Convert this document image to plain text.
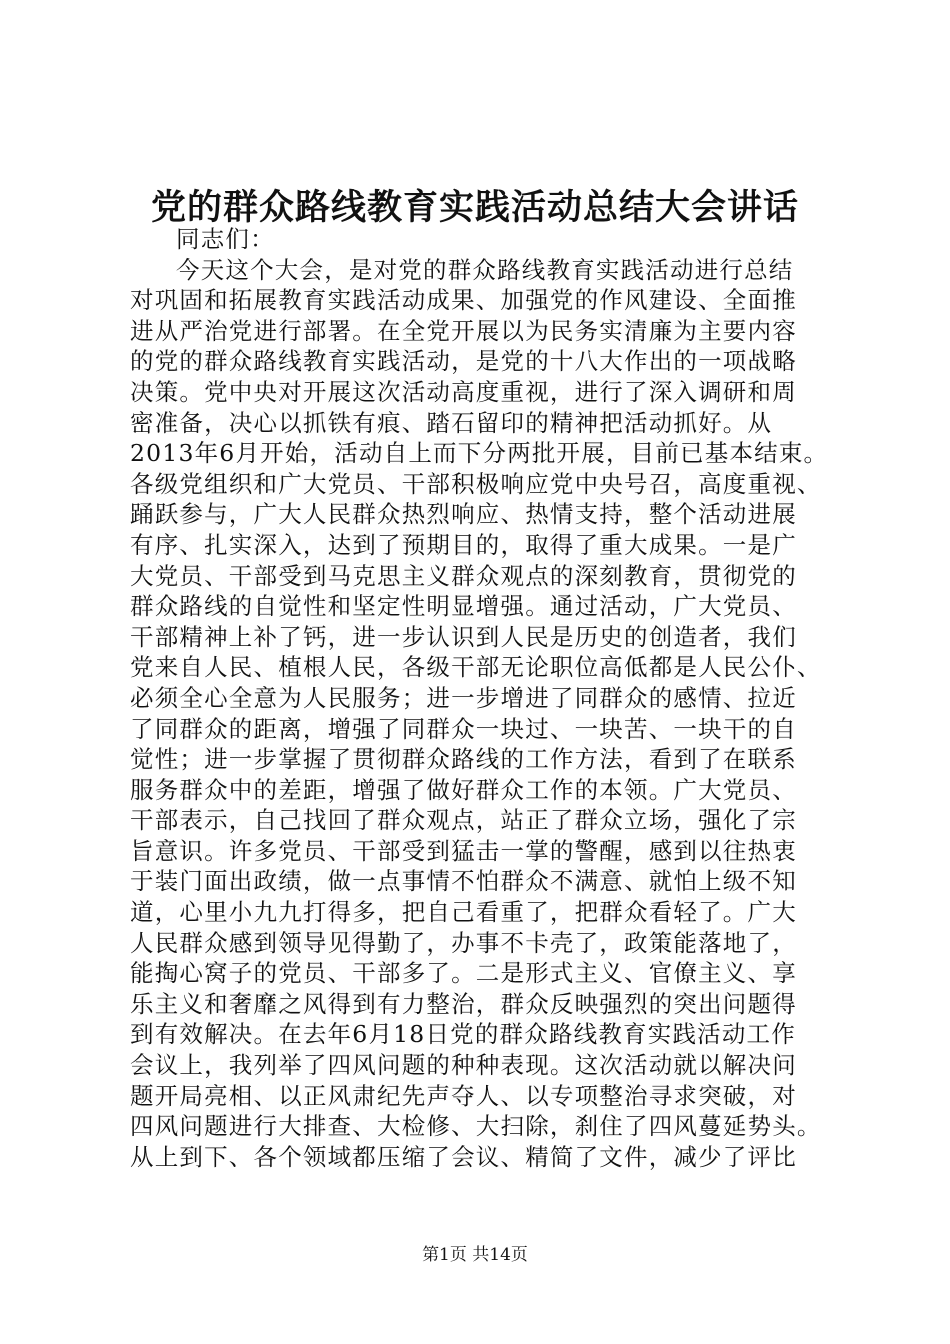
党的群众路线教育实践活动总结大会讲话
同志们：
今天这个大会，是对党的群众路线教育实践活动进行总结
对巩固和拓展教育实践活动成果、加强党的作风建设、全面推
进从严治党进行部署。在全党开展以为民务实清廉为主要内容
的党的群众路线教育实践活动，是党的十八大作出的一项战略
决策。党中央对开展这次活动高度重视，进行了深入调研和周
密准备，决心以抓铁有痕、踏石留印的精神把活动抓好。从
2013年6月开始，活动自上而下分两批开展，目前已基本结束。
各级党组织和广大党员、干部积极响应党中央号召，高度重视、
踊跃参与，广大人民群众热烈响应、热情支持，整个活动进展
有序、扎实深入，达到了预期目的，取得了重大成果。一是广
大党员、干部受到马克思主义群众观点的深刻教育，贯彻党的
群众路线的自觉性和坚定性明显增强。通过活动，广大党员、
干部精神上补了钙，进一步认识到人民是历史的创造者，我们
党来自人民、植根人民，各级干部无论职位高低都是人民公仆、
必须全心全意为人民服务；进一步增进了同群众的感情、拉近
了同群众的距离，增强了同群众一块过、一块苦、一块干的自
觉性；进一步掌握了贯彻群众路线的工作方法，看到了在联系
服务群众中的差距，增强了做好群众工作的本领。广大党员、
干部表示，自己找回了群众观点，站正了群众立场，强化了宗
旨意识。许多党员、干部受到猛击一掌的警醒，感到以往热衷
于装门面出政绩，做一点事情不怕群众不满意、就怕上级不知
道，心里小九九打得多，把自己看重了，把群众看轻了。广大
人民群众感到领导见得勤了，办事不卡壳了，政策能落地了，
能掏心窝子的党员、干部多了。二是形式主义、官僚主义、享
乐主义和奢靡之风得到有力整治，群众反映强烈的突出问题得
到有效解决。在去年6月18日党的群众路线教育实践活动工作
会议上，我列举了四风问题的种种表现。这次活动就以解决问
题开局亮相、以正风肃纪先声夺人、以专项整治寻求突破，对
四风问题进行大排查、大检修、大扫除，刹住了四风蔓延势头。
从上到下、各个领域都压缩了会议、精简了文件，减少了评比
第1页 共14页
